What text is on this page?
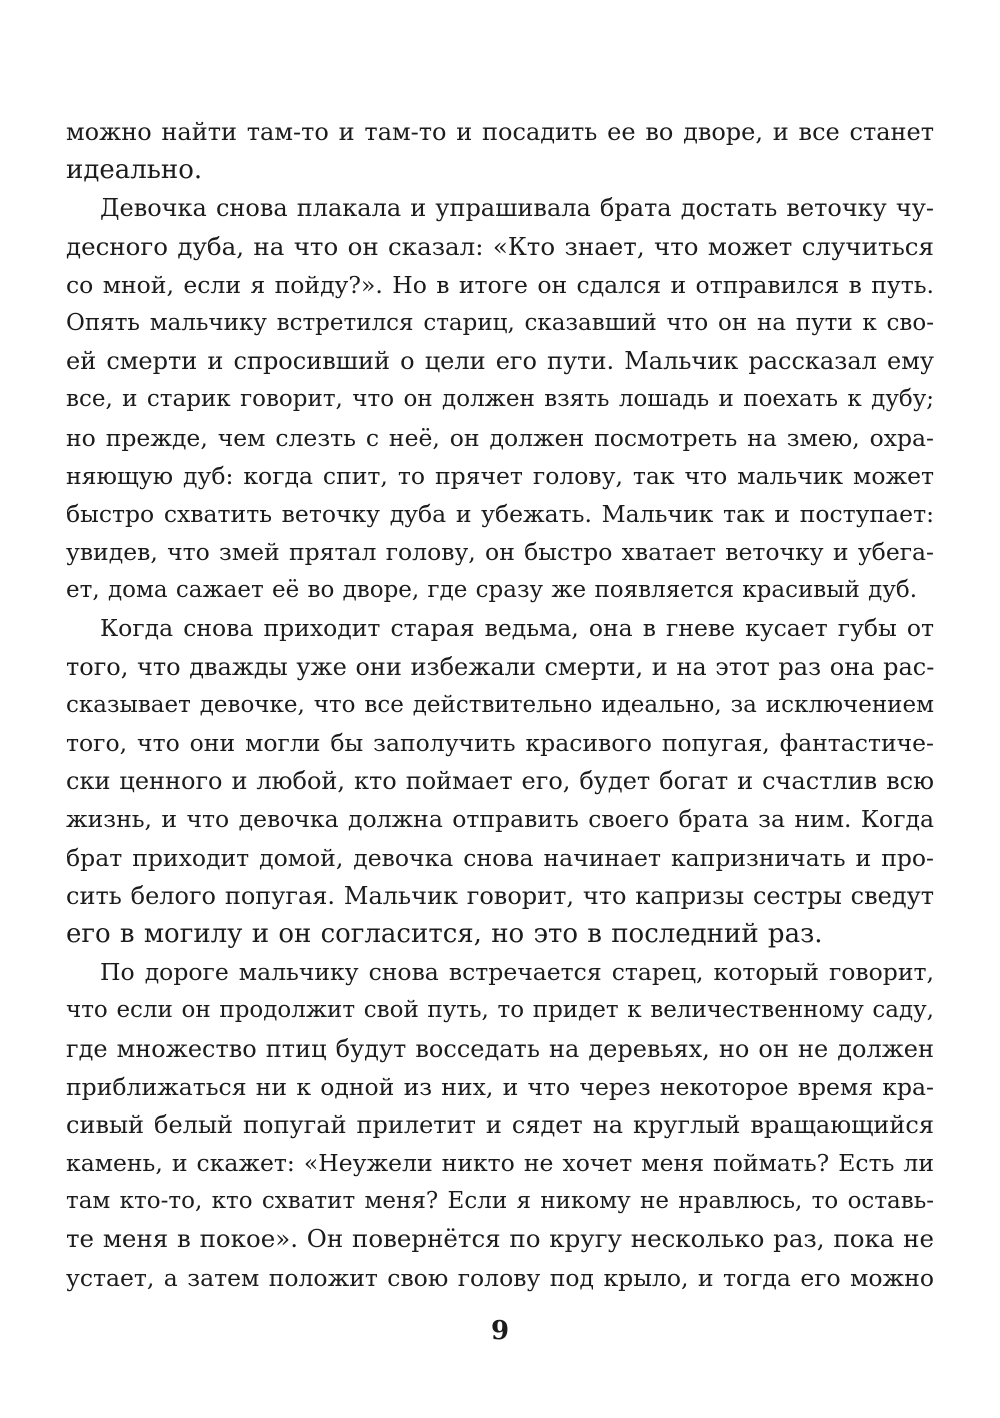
можно найти там-то и там-то и посадить ее во дворе, и все станет
идеально.
Девочка снова плакала и упрашивала брата достать веточку чу-
десного дуба, на что он сказал: «Кто знает, что может случиться
со мной, если я пойду?». Но в итоге он сдался и отправился в путь.
Опять мальчику встретился стариц, сказавший что он на пути к сво-
ей смерти и спросивший о цели его пути. Мальчик рассказал ему
все, и старик говорит, что он должен взять лошадь и поехать к дубу;
но прежде, чем слезть с неё, он должен посмотреть на змею, охра-
няющую дуб: когда спит, то прячет голову, так что мальчик может
быстро схватить веточку дуба и убежать. Мальчик так и поступает:
увидев, что змей прятал голову, он быстро хватает веточку и убега-
ет, дома сажает её во дворе, где сразу же появляется красивый дуб.
Когда снова приходит старая ведьма, она в гневе кусает губы от
того, что дважды уже они избежали смерти, и на этот раз она рас-
сказывает девочке, что все действительно идеально, за исключением
того, что они могли бы заполучить красивого попугая, фантастиче-
ски ценного и любой, кто поймает его, будет богат и счастлив всю
жизнь, и что девочка должна отправить своего брата за ним. Когда
брат приходит домой, девочка снова начинает капризничать и про-
сить белого попугая. Мальчик говорит, что капризы сестры сведут
его в могилу и он согласится, но это в последний раз.
По дороге мальчику снова встречается старец, который говорит,
что если он продолжит свой путь, то придет к величественному саду,
где множество птиц будут восседать на деревьях, но он не должен
приближаться ни к одной из них, и что через некоторое время кра-
сивый белый попугай прилетит и сядет на круглый вращающийся
камень, и скажет: «Неужели никто не хочет меня поймать? Есть ли
там кто-то, кто схватит меня? Если я никому не нравлюсь, то оставь-
те меня в покое». Он повернётся по кругу несколько раз, пока не
устает, а затем положит свою голову под крыло, и тогда его можно
9
